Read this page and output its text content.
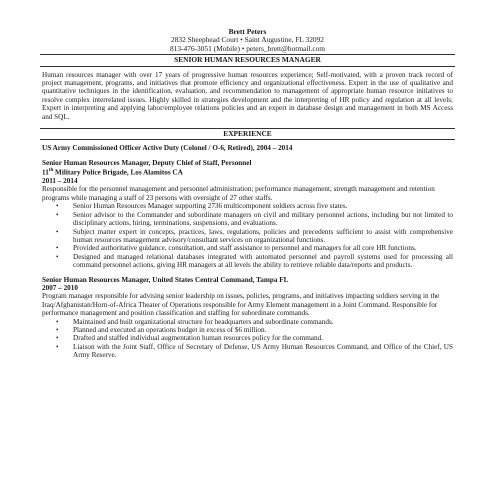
Brett Peters
2832 Sheephead Court • Saint Augustine, FL 32092
813-476-3051 (Mobile) • peters_brett@hotmail.com
SENIOR HUMAN RESOURCES MANAGER

Human resources manager with over 17 years of progressive human resources experience; Self-motivated, with a proven track record of project management, programs, and initiatives that promote efficiency and organizational effectiveness. Expert in the use of qualitative and quantitative techniques in the identification, evaluation, and recommendation to management of appropriate human resource initiatives to resolve complex interrelated issues. Highly skilled in strategies development and the interpreting of HR policy and regulation at all levels; Expert in interpreting and applying labor/employee relations policies and an expert in database design and management in both MS Access and SQL.

EXPERIENCE
US Army Commissioned Officer Active Duty (Colonel / O-6, Retired), 2004 – 2014
Senior Human Resources Manager, Deputy Chief of Staff, Personnel
11th Military Police Brigade, Los Alamitos CA
2011 – 2014

Responsible for the personnel management and personnel administration; performance management, strength management and retention programs while managing a staff of 23 persons with oversight of 27 other staffs.

• Senior Human Resources Manager supporting 2736 multicomponent soldiers across five states.
• Senior advisor to the Commander and subordinate managers on civil and military personnel actions, including but not limited to disciplinary actions, hiring, terminations, suspensions, and evaluations.
• Subject matter expert in concepts, practices, laws, regulations, policies and precedents sufficient to assist with comprehensive human resources management advisory/consultant services on organizational functions.
• Provided authoritative guidance, consultation, and staff assistance to personnel and managers for all core HR functions.
• Designed and managed relational databases integrated with automated personnel and payroll systems used for processing all command personnel actions, giving HR managers at all levels the ability to retrieve reliable data/reports and products.
Senior Human Resources Manager, United States Central Command, Tampa FL
2007 – 2010

Program manager responsible for advising senior leadership on issues, policies, programs, and initiatives impacting soldiers serving in the Iraq/Afghanistan/Horn-of-Africa Theater of Operations responsible for Army Element management in a Joint Command. Responsible for performance management and position classification and staffing for subordinate commands.

• Maintained and built organizational structure for headquarters and subordinate commands.
• Planned and executed an operations budget in excess of $6 million.
• Drafted and staffed individual augmentation human resources policy for the command.
• Liaison with the Joint Staff, Office of Secretary of Defense, US Army Human Resources Command, and Office of the Chief, US Army Reserve.
